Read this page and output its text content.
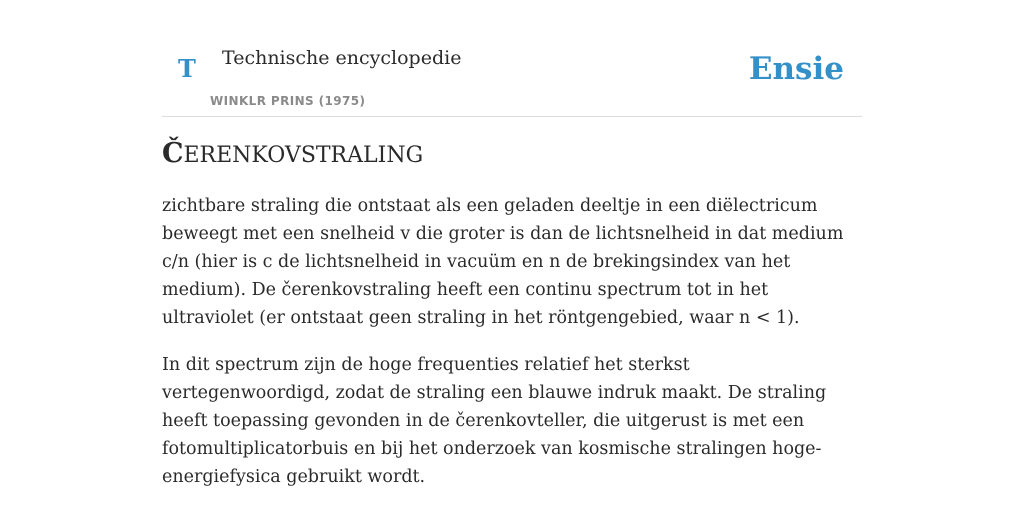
T Technische encyclopedie
WINKLR PRINS (1975)
Ensie
ČERENKOVSTRALING

zichtbare straling die ontstaat als een geladen deeltje in een diëlectricum beweegt met een snelheid v die groter is dan de lichtsnelheid in dat medium c/n (hier is c de lichtsnelheid in vacuüm en n de brekingsindex van het medium). De čerenkovstraling heeft een continu spectrum tot in het ultraviolet (er ontstaat geen straling in het röntgengebied, waar n < 1).

In dit spectrum zijn de hoge frequenties relatief het sterkst vertegenwoordigd, zodat de straling een blauwe indruk maakt. De straling heeft toepassing gevonden in de čerenkovteller, die uitgerust is met een fotomultiplicatorbuis en bij het onderzoek van kosmische stralingen hoge-energiefysica gebruikt wordt.
